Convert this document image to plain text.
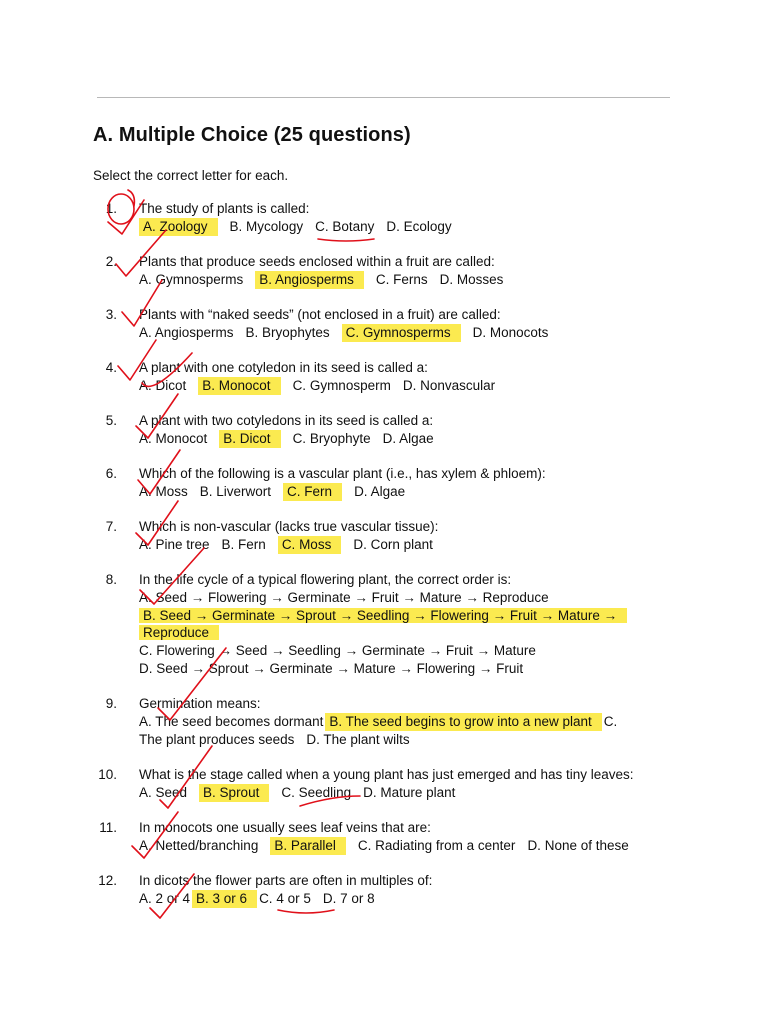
A. Multiple Choice (25 questions)
Select the correct letter for each.
1. The study of plants is called:
A. Zoology B. Mycology C. Botany D. Ecology
2. Plants that produce seeds enclosed within a fruit are called:
A. Gymnosperms B. Angiosperms C. Ferns D. Mosses
3. Plants with “naked seeds” (not enclosed in a fruit) are called:
A. Angiosperms B. Bryophytes C. Gymnosperms D. Monocots
4. A plant with one cotyledon in its seed is called a:
A. Dicot B. Monocot C. Gymnosperm D. Nonvascular
5. A plant with two cotyledons in its seed is called a:
A. Monocot B. Dicot C. Bryophyte D. Algae
6. Which of the following is a vascular plant (i.e., has xylem & phloem):
A. Moss B. Liverwort C. Fern D. Algae
7. Which is non-vascular (lacks true vascular tissue):
A. Pine tree B. Fern C. Moss D. Corn plant
8. In the life cycle of a typical flowering plant, the correct order is:
A. Seed → Flowering → Germinate → Fruit → Mature → Reproduce
B. Seed → Germinate → Sprout → Seedling → Flowering → Fruit → Mature →
Reproduce
C. Flowering → Seed → Seedling → Germinate → Fruit → Mature
D. Seed → Sprout → Germinate → Mature → Flowering → Fruit
9. Germination means:
A. The seed becomes dormant B. The seed begins to grow into a new plant C.
The plant produces seeds D. The plant wilts
10. What is the stage called when a young plant has just emerged and has tiny leaves:
A. Seed B. Sprout C. Seedling D. Mature plant
11. In monocots one usually sees leaf veins that are:
A. Netted/branching B. Parallel C. Radiating from a center D. None of these
12. In dicots the flower parts are often in multiples of:
A. 2 or 4 B. 3 or 6 C. 4 or 5 D. 7 or 8
